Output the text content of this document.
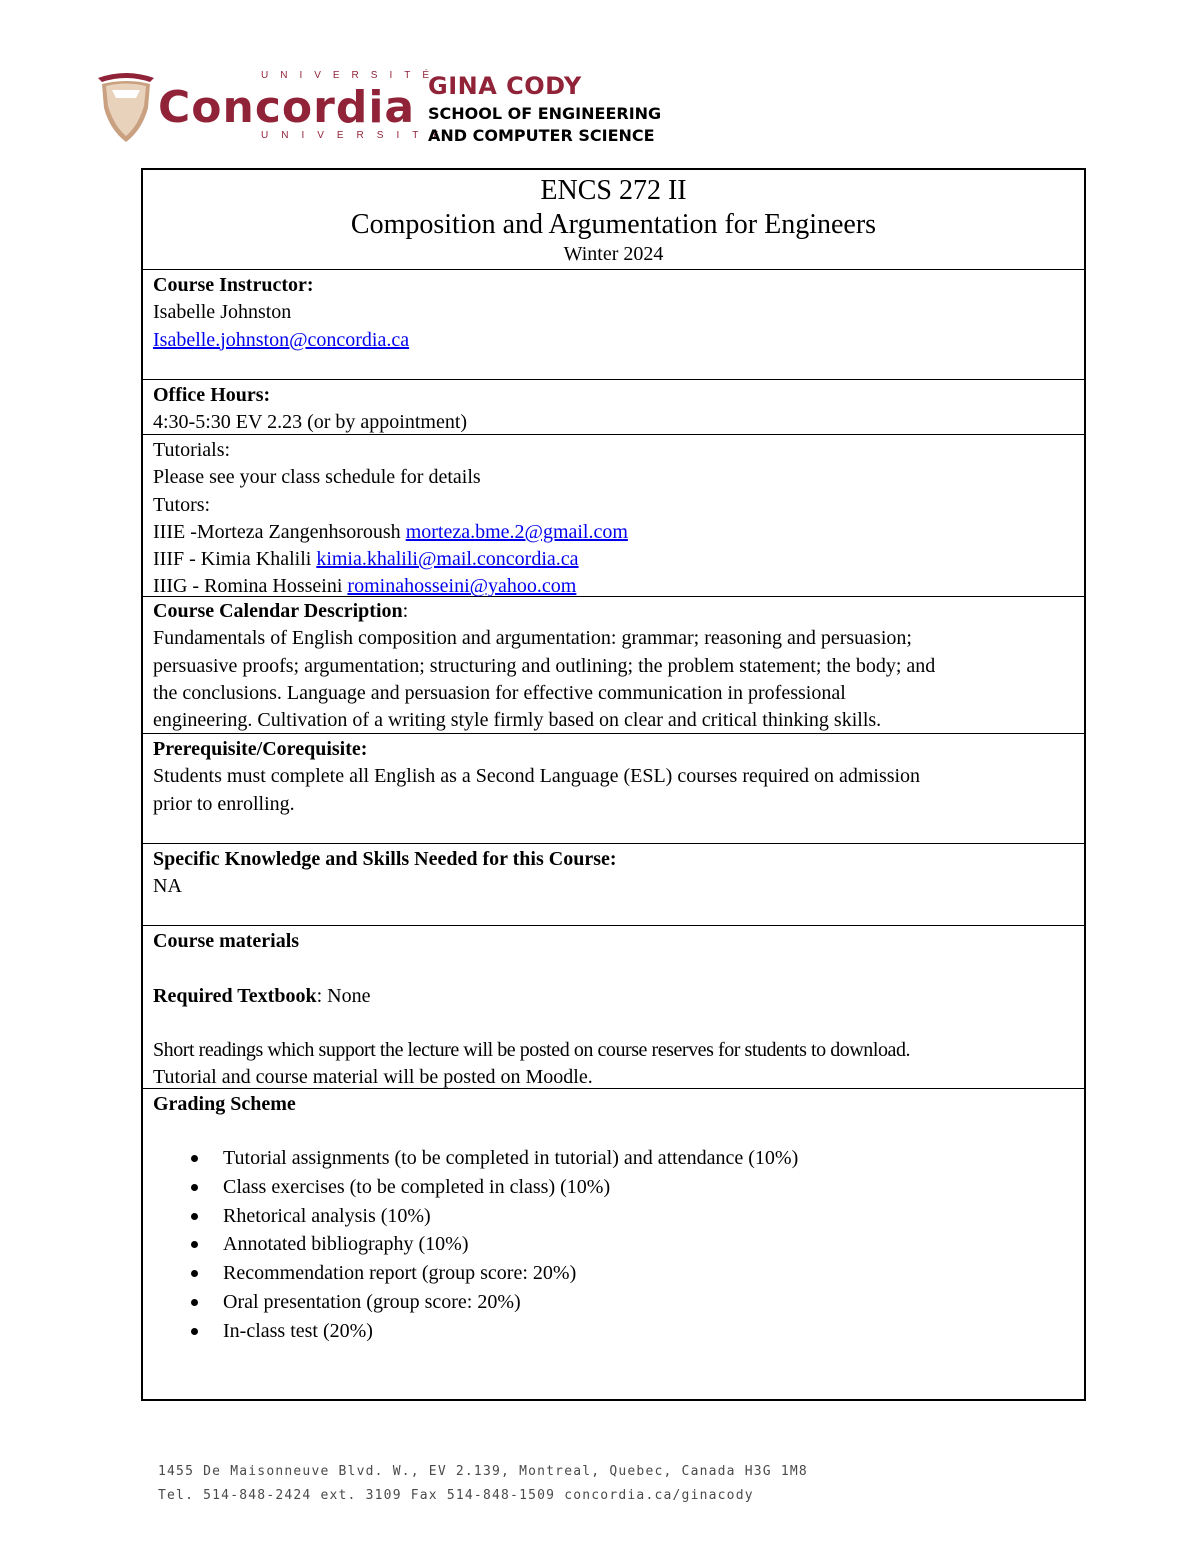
UNIVERSITÉ
Concordia
UNIVERSITY
GINA CODY
SCHOOL OF ENGINEERING
AND COMPUTER SCIENCE
ENCS 272 II
Composition and Argumentation for Engineers
Winter 2024
Course Instructor:
Isabelle Johnston
Isabelle.johnston@concordia.ca
Office Hours:
4:30-5:30 EV 2.23 (or by appointment)
Tutorials:
Please see your class schedule for details
Tutors:
IIIE -Morteza Zangenhsoroush morteza.bme.2@gmail.com
IIIF - Kimia Khalili kimia.khalili@mail.concordia.ca
IIIG - Romina Hosseini rominahosseini@yahoo.com
Course Calendar Description:
Fundamentals of English composition and argumentation: grammar; reasoning and persuasion;
persuasive proofs; argumentation; structuring and outlining; the problem statement; the body; and
the conclusions. Language and persuasion for effective communication in professional
engineering. Cultivation of a writing style firmly based on clear and critical thinking skills.
Prerequisite/Corequisite:
Students must complete all English as a Second Language (ESL) courses required on admission
prior to enrolling.
Specific Knowledge and Skills Needed for this Course:
NA
Course materials
Required Textbook: None
Short readings which support the lecture will be posted on course reserves for students to download.
Tutorial and course material will be posted on Moodle.
Grading Scheme
Tutorial assignments (to be completed in tutorial) and attendance (10%)
Class exercises (to be completed in class) (10%)
Rhetorical analysis (10%)
Annotated bibliography (10%)
Recommendation report (group score: 20%)
Oral presentation (group score: 20%)
In-class test (20%)
1455 De Maisonneuve Blvd. W., EV 2.139, Montreal, Quebec, Canada H3G 1M8
Tel. 514-848-2424 ext. 3109 Fax 514-848-1509 concordia.ca/ginacody
